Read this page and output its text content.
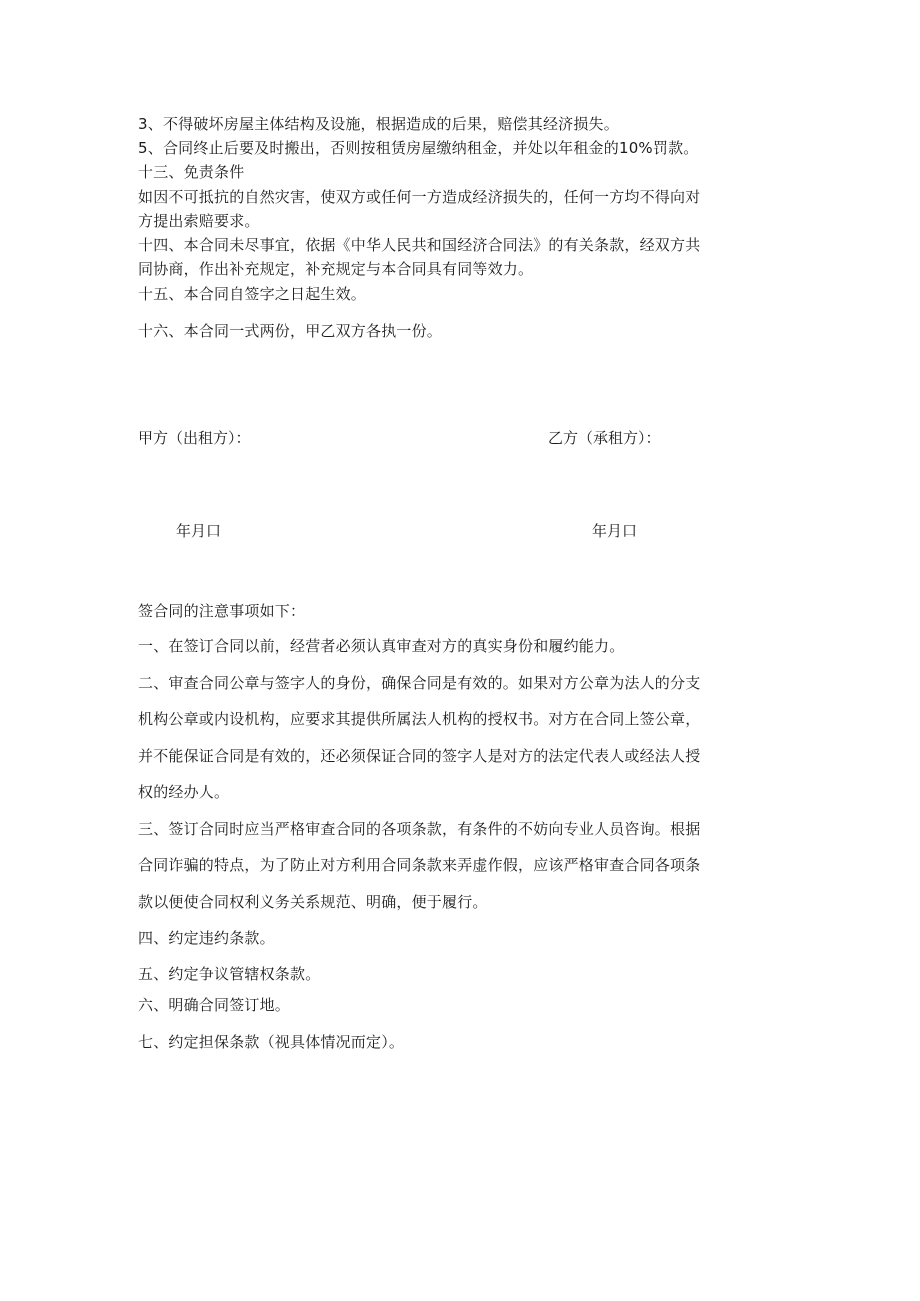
3、不得破坏房屋主体结构及设施，根据造成的后果，赔偿其经济损失。
5、合同终止后要及时搬出，否则按租赁房屋缴纳租金，并处以年租金的10%罚款。
十三、免责条件
如因不可抵抗的自然灾害，使双方或任何一方造成经济损失的，任何一方均不得向对
方提出索赔要求。
十四、本合同未尽事宜，依据《中华人民共和国经济合同法》的有关条款，经双方共
同协商，作出补充规定，补充规定与本合同具有同等效力。
十五、本合同自签字之日起生效。
十六、本合同一式两份，甲乙双方各执一份。
甲方（出租方）：	乙方（承租方）：
年月口	年月口
签合同的注意事项如下：
一、在签订合同以前，经营者必须认真审查对方的真实身份和履约能力。
二、审查合同公章与签字人的身份，确保合同是有效的。如果对方公章为法人的分支
机构公章或内设机构，应要求其提供所属法人机构的授权书。对方在合同上签公章，
并不能保证合同是有效的，还必须保证合同的签字人是对方的法定代表人或经法人授
权的经办人。
三、签订合同时应当严格审查合同的各项条款，有条件的不妨向专业人员咨询。根据
合同诈骗的特点，为了防止对方利用合同条款来弄虚作假，应该严格审查合同各项条
款以便使合同权利义务关系规范、明确，便于履行。
四、约定违约条款。
五、约定争议管辖权条款。
六、明确合同签订地。
七、约定担保条款（视具体情况而定）。
